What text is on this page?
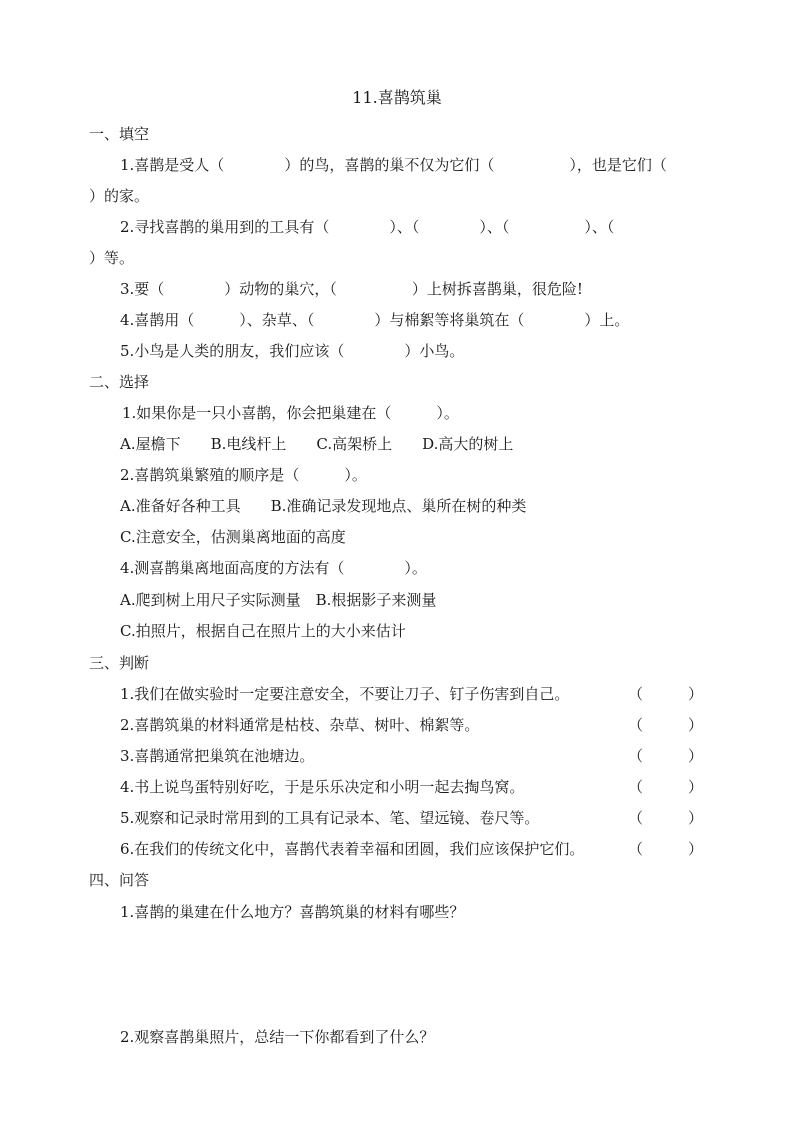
11.喜鹊筑巢
一、填空
1.喜鹊是受人（　　　　）的鸟，喜鹊的巢不仅为它们（　　　　　），也是它们（
）的家。
2.寻找喜鹊的巢用到的工具有（　　　　）、（　　　　）、（　　　　　）、（
）等。
3.要（　　　　）动物的巢穴，（　　　　　）上树拆喜鹊巢，很危险!
4.喜鹊用（　　　）、杂草、（　　　　）与棉絮等将巢筑在（　　　　）上。
5.小鸟是人类的朋友，我们应该（　　　　）小鸟。
二、选择
1.如果你是一只小喜鹊，你会把巢建在（　　　）。
A.屋檐下　　B.电线杆上　　C.高架桥上　　D.高大的树上
2.喜鹊筑巢繁殖的顺序是（　　　）。
A.准备好各种工具　　B.准确记录发现地点、巢所在树的种类
C.注意安全，估测巢离地面的高度
4.测喜鹊巢离地面高度的方法有（　　　　）。
A.爬到树上用尺子实际测量　B.根据影子来测量
C.拍照片，根据自己在照片上的大小来估计
三、判断
1.我们在做实验时一定要注意安全，不要让刀子、钉子伤害到自己。	（　　　）
2.喜鹊筑巢的材料通常是枯枝、杂草、树叶、棉絮等。	（　　　）
3.喜鹊通常把巢筑在池塘边。	（　　　）
4.书上说鸟蛋特别好吃，于是乐乐决定和小明一起去掏鸟窝。	（　　　）
5.观察和记录时常用到的工具有记录本、笔、望远镜、卷尺等。	（　　　）
6.在我们的传统文化中，喜鹊代表着幸福和团圆，我们应该保护它们。	（　　　）
四、问答
1.喜鹊的巢建在什么地方？喜鹊筑巢的材料有哪些？
2.观察喜鹊巢照片，总结一下你都看到了什么？
